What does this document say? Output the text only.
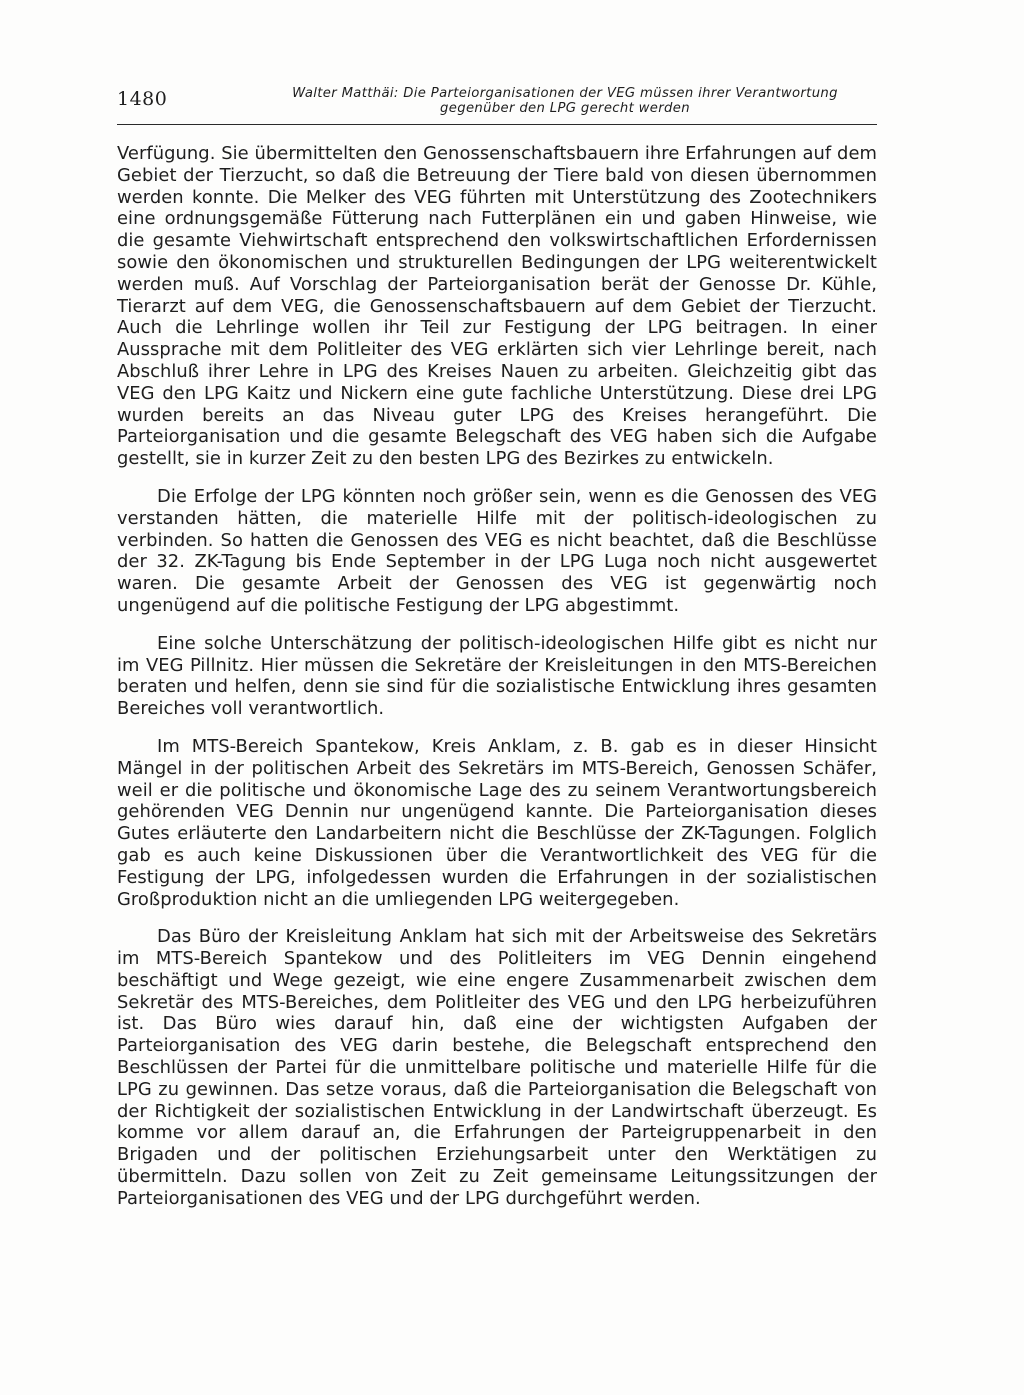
1480	Walter Matthäi: Die Parteiorganisationen der VEG müssen ihrer Verantwortung
gegenüber den LPG gerecht werden

Verfügung. Sie übermittelten den Genossenschaftsbauern ihre Erfahrungen auf dem Gebiet der Tierzucht, so daß die Betreuung der Tiere bald von diesen übernommen werden konnte. Die Melker des VEG führten mit Unterstützung des Zootechnikers eine ordnungsgemäße Fütterung nach Futterplänen ein und gaben Hinweise, wie die gesamte Viehwirtschaft entsprechend den volkswirtschaftlichen Erfordernissen sowie den ökonomischen und strukturellen Bedingungen der LPG weiterentwickelt werden muß. Auf Vorschlag der Parteiorganisation berät der Genosse Dr. Kühle, Tierarzt auf dem VEG, die Genossenschaftsbauern auf dem Gebiet der Tierzucht. Auch die Lehrlinge wollen ihr Teil zur Festigung der LPG beitragen. In einer Aussprache mit dem Politleiter des VEG erklärten sich vier Lehrlinge bereit, nach Abschluß ihrer Lehre in LPG des Kreises Nauen zu arbeiten. Gleichzeitig gibt das VEG den LPG Kaitz und Nickern eine gute fachliche Unterstützung. Diese drei LPG wurden bereits an das Niveau guter LPG des Kreises herangeführt. Die Parteiorganisation und die gesamte Belegschaft des VEG haben sich die Aufgabe gestellt, sie in kurzer Zeit zu den besten LPG des Bezirkes zu entwickeln.

Die Erfolge der LPG könnten noch größer sein, wenn es die Genossen des VEG verstanden hätten, die materielle Hilfe mit der politisch-ideologischen zu verbinden. So hatten die Genossen des VEG es nicht beachtet, daß die Beschlüsse der 32. ZK-Tagung bis Ende September in der LPG Luga noch nicht ausgewertet waren. Die gesamte Arbeit der Genossen des VEG ist gegenwärtig noch ungenügend auf die politische Festigung der LPG abgestimmt.

Eine solche Unterschätzung der politisch-ideologischen Hilfe gibt es nicht nur im VEG Pillnitz. Hier müssen die Sekretäre der Kreisleitungen in den MTS-Bereichen beraten und helfen, denn sie sind für die sozialistische Entwicklung ihres gesamten Bereiches voll verantwortlich.

Im MTS-Bereich Spantekow, Kreis Anklam, z. B. gab es in dieser Hinsicht Mängel in der politischen Arbeit des Sekretärs im MTS-Bereich, Genossen Schäfer, weil er die politische und ökonomische Lage des zu seinem Verantwortungsbereich gehörenden VEG Dennin nur ungenügend kannte. Die Parteiorganisation dieses Gutes erläuterte den Landarbeitern nicht die Beschlüsse der ZK-Tagungen. Folglich gab es auch keine Diskussionen über die Verantwortlichkeit des VEG für die Festigung der LPG, infolgedessen wurden die Erfahrungen in der sozialistischen Großproduktion nicht an die umliegenden LPG weitergegeben.

Das Büro der Kreisleitung Anklam hat sich mit der Arbeitsweise des Sekretärs im MTS-Bereich Spantekow und des Politleiters im VEG Dennin eingehend beschäftigt und Wege gezeigt, wie eine engere Zusammenarbeit zwischen dem Sekretär des MTS-Bereiches, dem Politleiter des VEG und den LPG herbeizuführen ist. Das Büro wies darauf hin, daß eine der wichtigsten Aufgaben der Parteiorganisation des VEG darin bestehe, die Belegschaft entsprechend den Beschlüssen der Partei für die unmittelbare politische und materielle Hilfe für die LPG zu gewinnen. Das setze voraus, daß die Parteiorganisation die Belegschaft von der Richtigkeit der sozialistischen Entwicklung in der Landwirtschaft überzeugt. Es komme vor allem darauf an, die Erfahrungen der Parteigruppenarbeit in den Brigaden und der politischen Erziehungsarbeit unter den Werktätigen zu übermitteln. Dazu sollen von Zeit zu Zeit gemeinsame Leitungssitzungen der Parteiorganisationen des VEG und der LPG durchgeführt werden.
